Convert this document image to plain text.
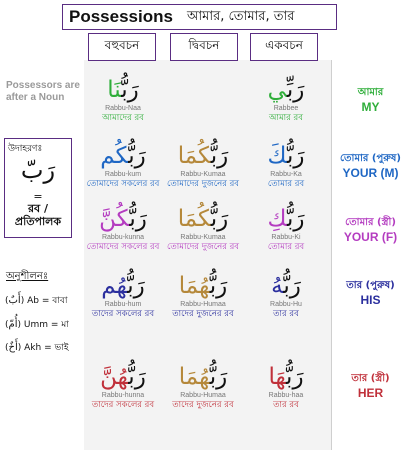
Possessions আমার, তোমার, তার
বহুবচন	দ্বিবচন	একবচন
Possessors are after a Noun
উদাহরণঃ
رَبّ
=
রব / প্রতিপালক
অনুশীলনঃ
(أَبٌ) Ab = বাবা
(أُمّ) Umm = মা
(أَخٌ) Akh = ভাই
رَبُّنَا
Rabbu-Naa
আমাদের রব
رَبِّي
Rabbee
আমার রব
আমার
MY
رَبُّكُم
Rabbu-kum
তোমাদের সকলের রব
رَبُّكُمَا
Rabbu-Kumaa
তোমাদের দুজনের রব
رَبُّكَ
Rabbu-Ka
তোমার রব
তোমার (পুরুষ)
YOUR (M)
رَبُّكُنَّ
Rabbu-kunna
তোমাদের সকলের রব
رَبُّكُمَا
Rabbu-Kumaa
তোমাদের দুজনের রব
رَبُّكِ
Rabbu-Ki
তোমার রব
তোমার (স্ত্রী)
YOUR (F)
رَبُّهُم
Rabbu-hum
তাদের সকলের রব
رَبُّهُمَا
Rabbu-Humaa
তাদের দুজনের রব
رَبُّهُ
Rabbu-Hu
তার রব
তার (পুরুষ)
HIS
رَبُّهُنَّ
Rabbu-hunna
তাদের সকলের রব
رَبُّهُمَا
Rabbu-Humaa
তাদের দুজনের রব
رَبُّهَا
Rabbu-haa
তার রব
তার (স্ত্রী)
HER
